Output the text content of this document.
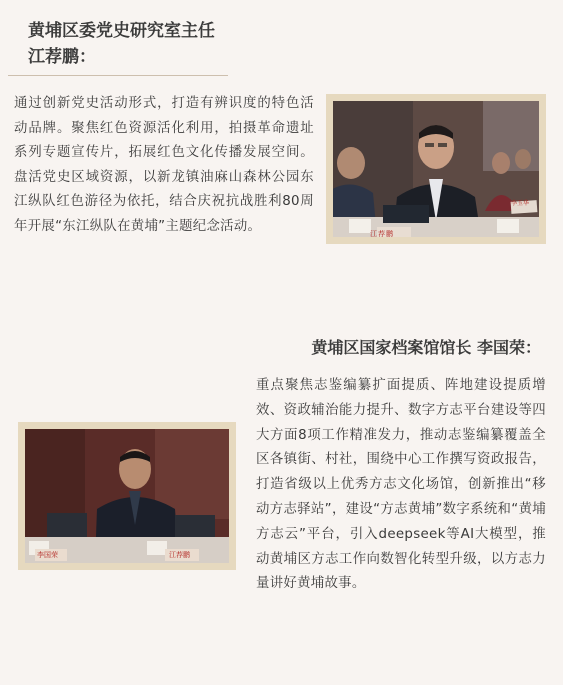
黄埔区委党史研究室主任
江荐鹏：
通过创新党史活动形式，打造有辨识度的特色活动品牌。聚焦红色资源活化利用，拍摄革命遗址系列专题宣传片，拓展红色文化传播发展空间。盘活党史区域资源，以新龙镇油麻山森林公园东江纵队红色游径为依托，结合庆祝抗战胜利80周年开展“东江纵队在黄埔”主题纪念活动。
江荐鹏
李玉华
黄埔区国家档案馆馆长 李国荣：
李国荣	江荐鹏
重点聚焦志鉴编纂扩面提质、阵地建设提质增效、资政辅治能力提升、数字方志平台建设等四大方面8项工作精准发力，推动志鉴编纂覆盖全区各镇街、村社，围绕中心工作撰写资政报告，打造省级以上优秀方志文化场馆，创新推出“移动方志驿站”，建设“方志黄埔”数字系统和“黄埔方志云”平台，引入deepseek等AI大模型，推动黄埔区方志工作向数智化转型升级，以方志力量讲好黄埔故事。
